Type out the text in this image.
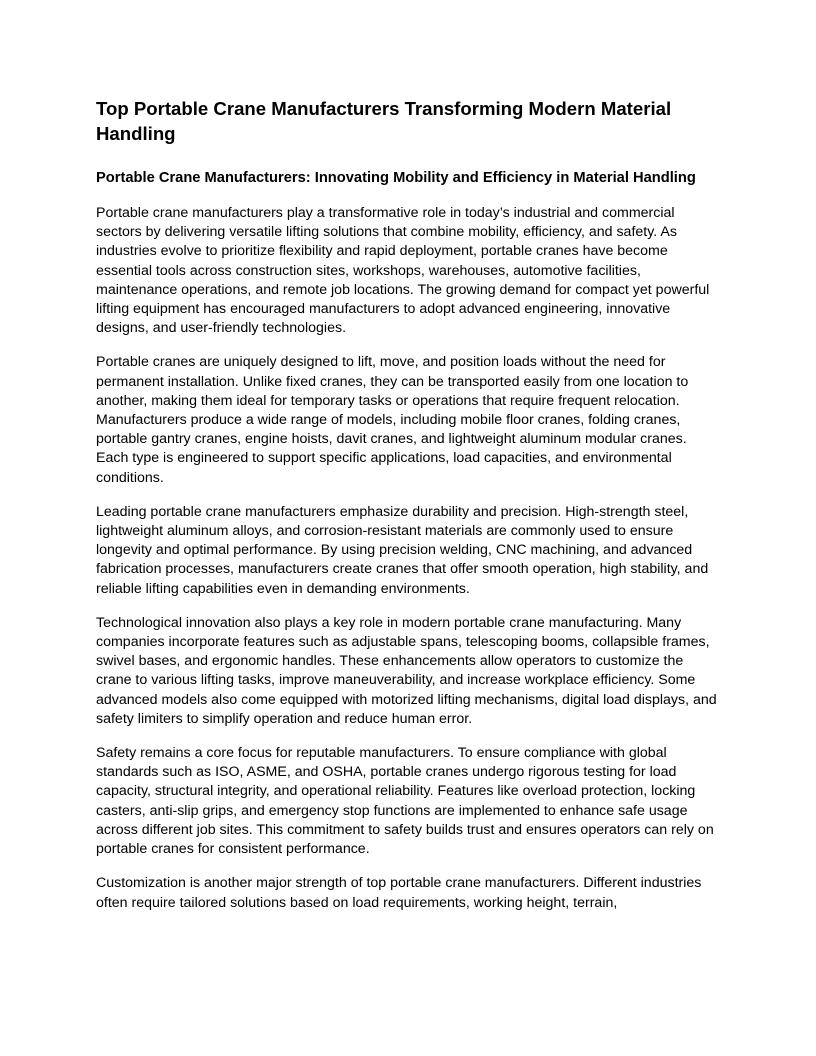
Top Portable Crane Manufacturers Transforming Modern Material Handling
Portable Crane Manufacturers: Innovating Mobility and Efficiency in Material Handling

Portable crane manufacturers play a transformative role in today’s industrial and commercial sectors by delivering versatile lifting solutions that combine mobility, efficiency, and safety. As industries evolve to prioritize flexibility and rapid deployment, portable cranes have become essential tools across construction sites, workshops, warehouses, automotive facilities, maintenance operations, and remote job locations. The growing demand for compact yet powerful lifting equipment has encouraged manufacturers to adopt advanced engineering, innovative designs, and user-friendly technologies.

Portable cranes are uniquely designed to lift, move, and position loads without the need for permanent installation. Unlike fixed cranes, they can be transported easily from one location to another, making them ideal for temporary tasks or operations that require frequent relocation. Manufacturers produce a wide range of models, including mobile floor cranes, folding cranes, portable gantry cranes, engine hoists, davit cranes, and lightweight aluminum modular cranes. Each type is engineered to support specific applications, load capacities, and environmental conditions.

Leading portable crane manufacturers emphasize durability and precision. High-strength steel, lightweight aluminum alloys, and corrosion-resistant materials are commonly used to ensure longevity and optimal performance. By using precision welding, CNC machining, and advanced fabrication processes, manufacturers create cranes that offer smooth operation, high stability, and reliable lifting capabilities even in demanding environments.

Technological innovation also plays a key role in modern portable crane manufacturing. Many companies incorporate features such as adjustable spans, telescoping booms, collapsible frames, swivel bases, and ergonomic handles. These enhancements allow operators to customize the crane to various lifting tasks, improve maneuverability, and increase workplace efficiency. Some advanced models also come equipped with motorized lifting mechanisms, digital load displays, and safety limiters to simplify operation and reduce human error.

Safety remains a core focus for reputable manufacturers. To ensure compliance with global standards such as ISO, ASME, and OSHA, portable cranes undergo rigorous testing for load capacity, structural integrity, and operational reliability. Features like overload protection, locking casters, anti-slip grips, and emergency stop functions are implemented to enhance safe usage across different job sites. This commitment to safety builds trust and ensures operators can rely on portable cranes for consistent performance.

Customization is another major strength of top portable crane manufacturers. Different industries often require tailored solutions based on load requirements, working height, terrain,
